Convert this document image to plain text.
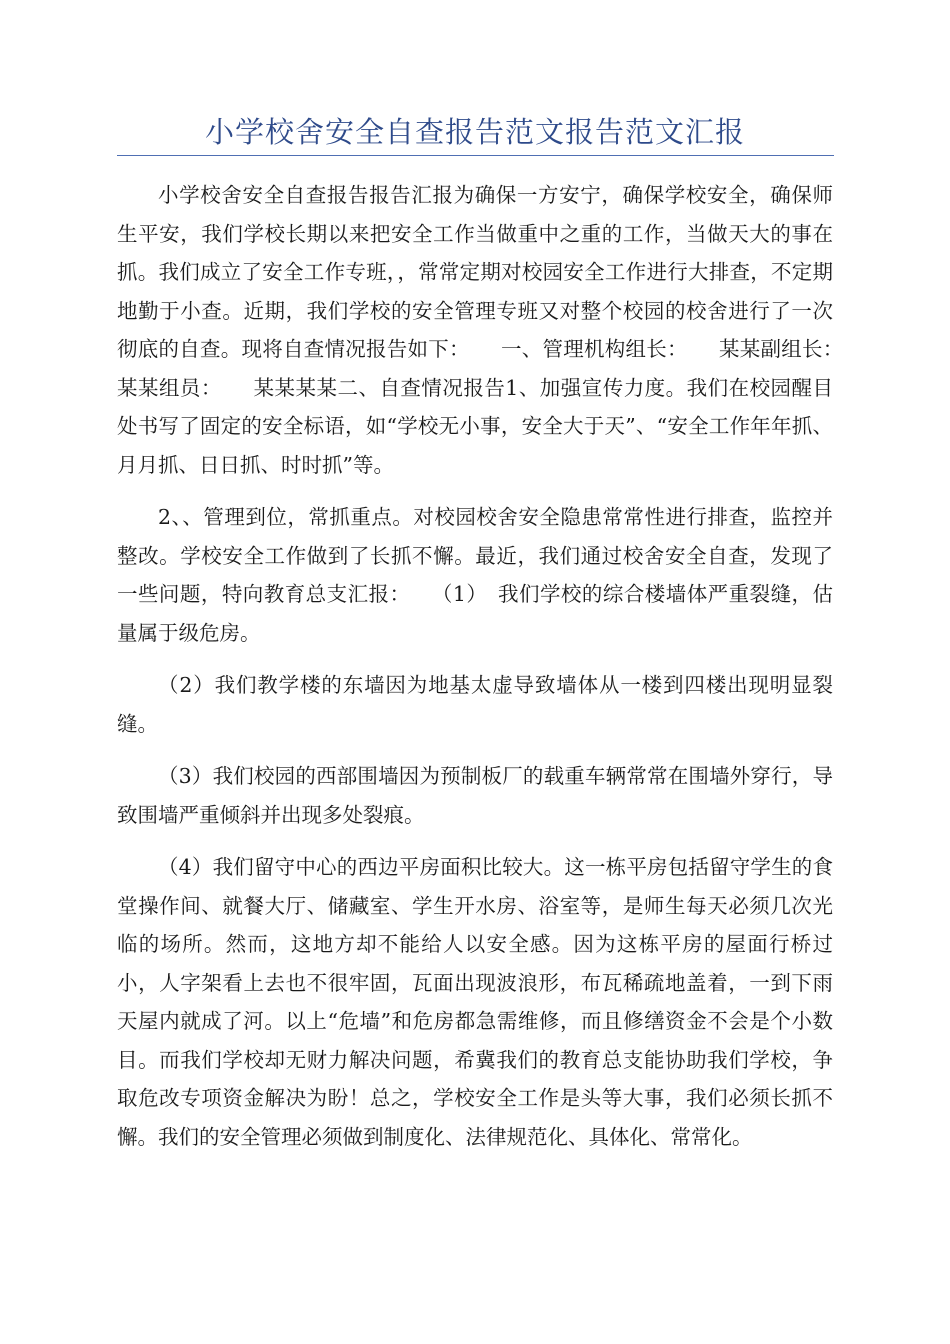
小学校舍安全自查报告范文报告范文汇报

小学校舍安全自查报告报告汇报为确保一方安宁，确保学校安全，确保师生平安，我们学校长期以来把安全工作当做重中之重的工作，当做天大的事在抓。我们成立了安全工作专班，，常常定期对校园安全工作进行大排查，不定期地勤于小查。近期，我们学校的安全管理专班又对整个校园的校舍进行了一次彻底的自查。现将自查情况报告如下：　　一、管理机构组长：　　某某副组长：　　某某组员：　　某某某某二、自查情况报告1、加强宣传力度。我们在校园醒目处书写了固定的安全标语，如“学校无小事，安全大于天”、“安全工作年年抓、月月抓、日日抓、时时抓”等。

2、、管理到位，常抓重点。对校园校舍安全隐患常常性进行排查，监控并整改。学校安全工作做到了长抓不懈。最近，我们通过校舍安全自查，发现了一些问题，特向教育总支汇报：　　（1）　我们学校的综合楼墙体严重裂缝，估量属于级危房。

（2）我们教学楼的东墙因为地基太虚导致墙体从一楼到四楼出现明显裂缝。

（3）我们校园的西部围墙因为预制板厂的载重车辆常常在围墙外穿行，导致围墙严重倾斜并出现多处裂痕。

（4）我们留守中心的西边平房面积比较大。这一栋平房包括留守学生的食堂操作间、就餐大厅、储藏室、学生开水房、浴室等，是师生每天必须几次光临的场所。然而，这地方却不能给人以安全感。因为这栋平房的屋面行桥过小，人字架看上去也不很牢固，瓦面出现波浪形，布瓦稀疏地盖着，一到下雨天屋内就成了河。以上“危墙”和危房都急需维修，而且修缮资金不会是个小数目。而我们学校却无财力解决问题，希冀我们的教育总支能协助我们学校，争取危改专项资金解决为盼！总之，学校安全工作是头等大事，我们必须长抓不懈。我们的安全管理必须做到制度化、法律规范化、具体化、常常化。
